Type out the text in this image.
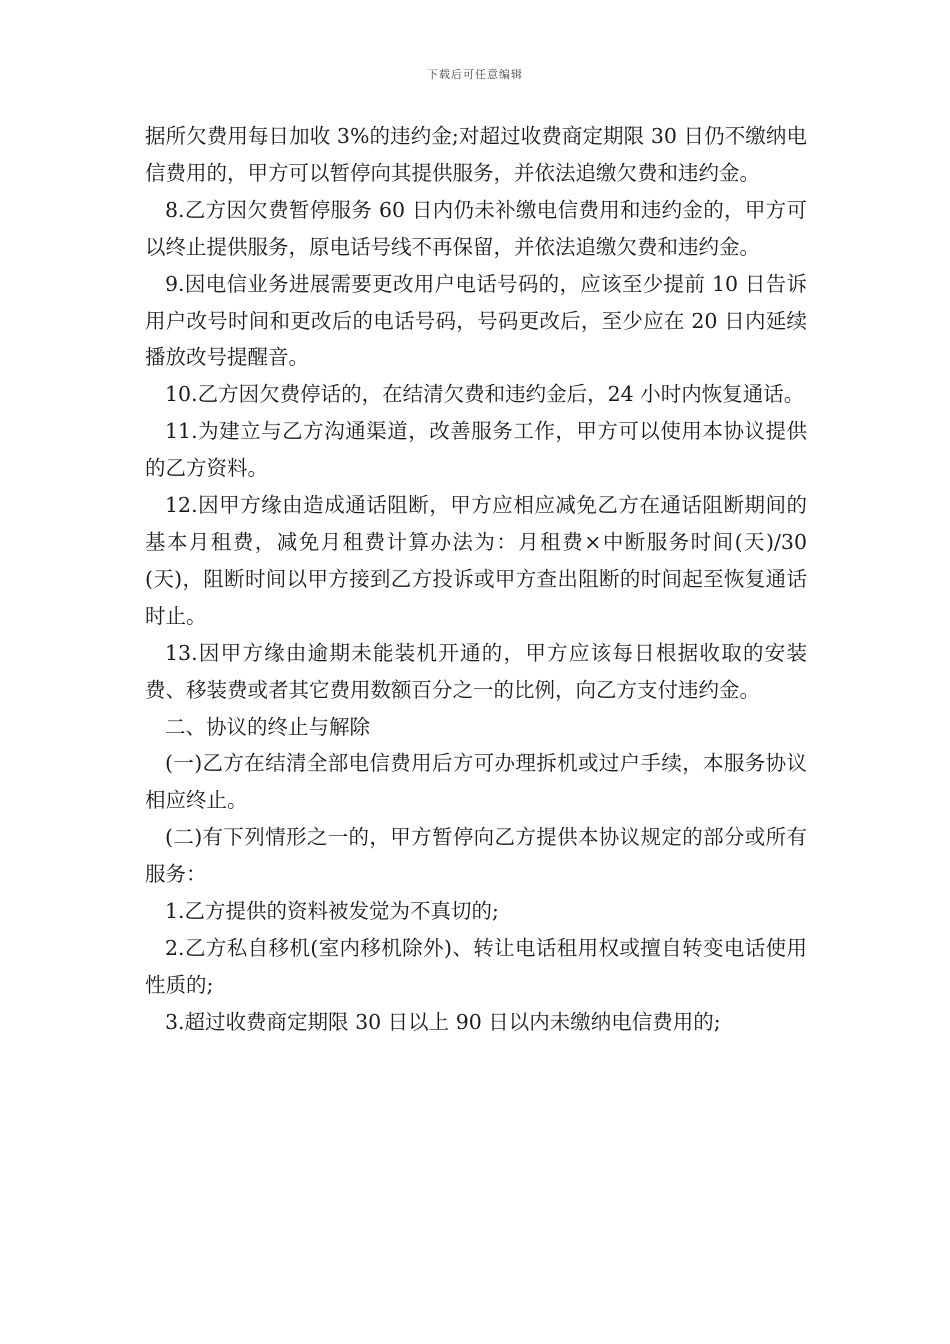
下载后可任意编辑

据所欠费用每日加收 3%的违约金;对超过收费商定期限 30 日仍不缴纳电信费用的，甲方可以暂停向其提供服务，并依法追缴欠费和违约金。

8.乙方因欠费暂停服务 60 日内仍未补缴电信费用和违约金的，甲方可以终止提供服务，原电话号线不再保留，并依法追缴欠费和违约金。

9.因电信业务进展需要更改用户电话号码的，应该至少提前 10 日告诉用户改号时间和更改后的电话号码，号码更改后，至少应在 20 日内延续播放改号提醒音。

10.乙方因欠费停话的，在结清欠费和违约金后，24 小时内恢复通话。

11.为建立与乙方沟通渠道，改善服务工作，甲方可以使用本协议提供的乙方资料。

12.因甲方缘由造成通话阻断，甲方应相应减免乙方在通话阻断期间的基本月租费，减免月租费计算办法为：月租费×中断服务时间(天)/30(天)，阻断时间以甲方接到乙方投诉或甲方查出阻断的时间起至恢复通话时止。

13.因甲方缘由逾期未能装机开通的，甲方应该每日根据收取的安装费、移装费或者其它费用数额百分之一的比例，向乙方支付违约金。

二、协议的终止与解除

(一)乙方在结清全部电信费用后方可办理拆机或过户手续，本服务协议相应终止。

(二)有下列情形之一的，甲方暂停向乙方提供本协议规定的部分或所有服务：

1.乙方提供的资料被发觉为不真切的;

2.乙方私自移机(室内移机除外)、转让电话租用权或擅自转变电话使用性质的;

3.超过收费商定期限 30 日以上 90 日以内未缴纳电信费用的;
